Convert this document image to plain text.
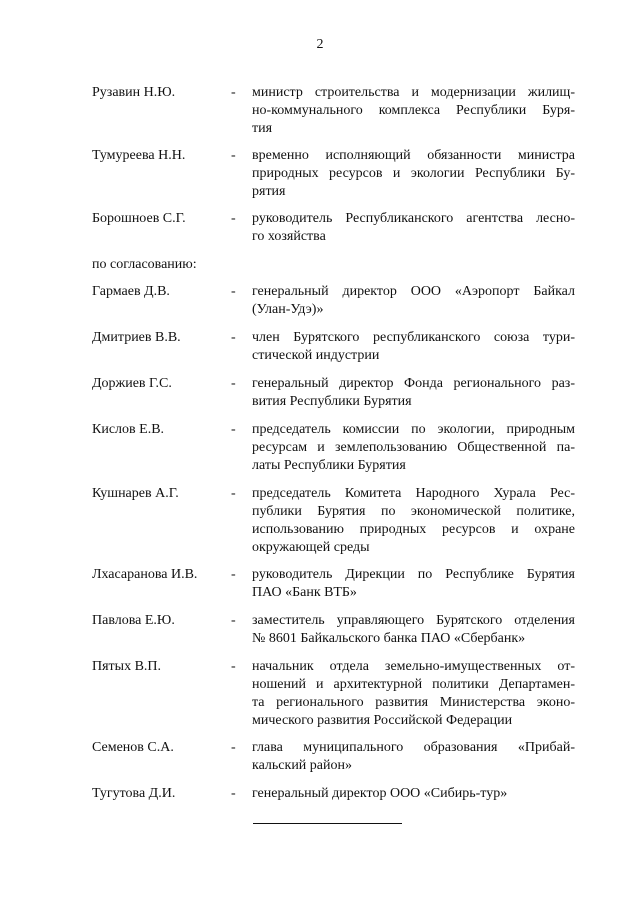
2
Рузавин Н.Ю.	- министр строительства и модернизации жилищ-
но-коммунального комплекса Республики Буря-
тия
Тумуреева Н.Н.	- временно исполняющий обязанности министра
природных ресурсов и экологии Республики Бу-
рятия
Борошноев С.Г.	- руководитель Республиканского агентства лесно-
го хозяйства
по согласованию:
Гармаев Д.В.	- генеральный директор ООО «Аэропорт Байкал
(Улан-Удэ)»
Дмитриев В.В.	- член Бурятского республиканского союза тури-
стической индустрии
Доржиев Г.С.	- генеральный директор Фонда регионального раз-
вития Республики Бурятия
Кислов Е.В.	- председатель комиссии по экологии, природным
ресурсам и землепользованию Общественной па-
латы Республики Бурятия
Кушнарев А.Г.	- председатель Комитета Народного Хурала Рес-
публики Бурятия по экономической политике,
использованию природных ресурсов и охране
окружающей среды
Лхасаранова И.В. - руководитель Дирекции по Республике Бурятия
ПАО «Банк ВТБ»
Павлова Е.Ю.	- заместитель управляющего Бурятского отделения
№ 8601 Байкальского банка ПАО «Сбербанк»
Пятых В.П.	- начальник отдела земельно-имущественных от-
ношений и архитектурной политики Департамен-
та регионального развития Министерства эконо-
мического развития Российской Федерации
Семенов С.А.	- глава муниципального образования «Прибай-
кальский район»
Тугутова Д.И.	- генеральный директор ООО «Сибирь-тур»
